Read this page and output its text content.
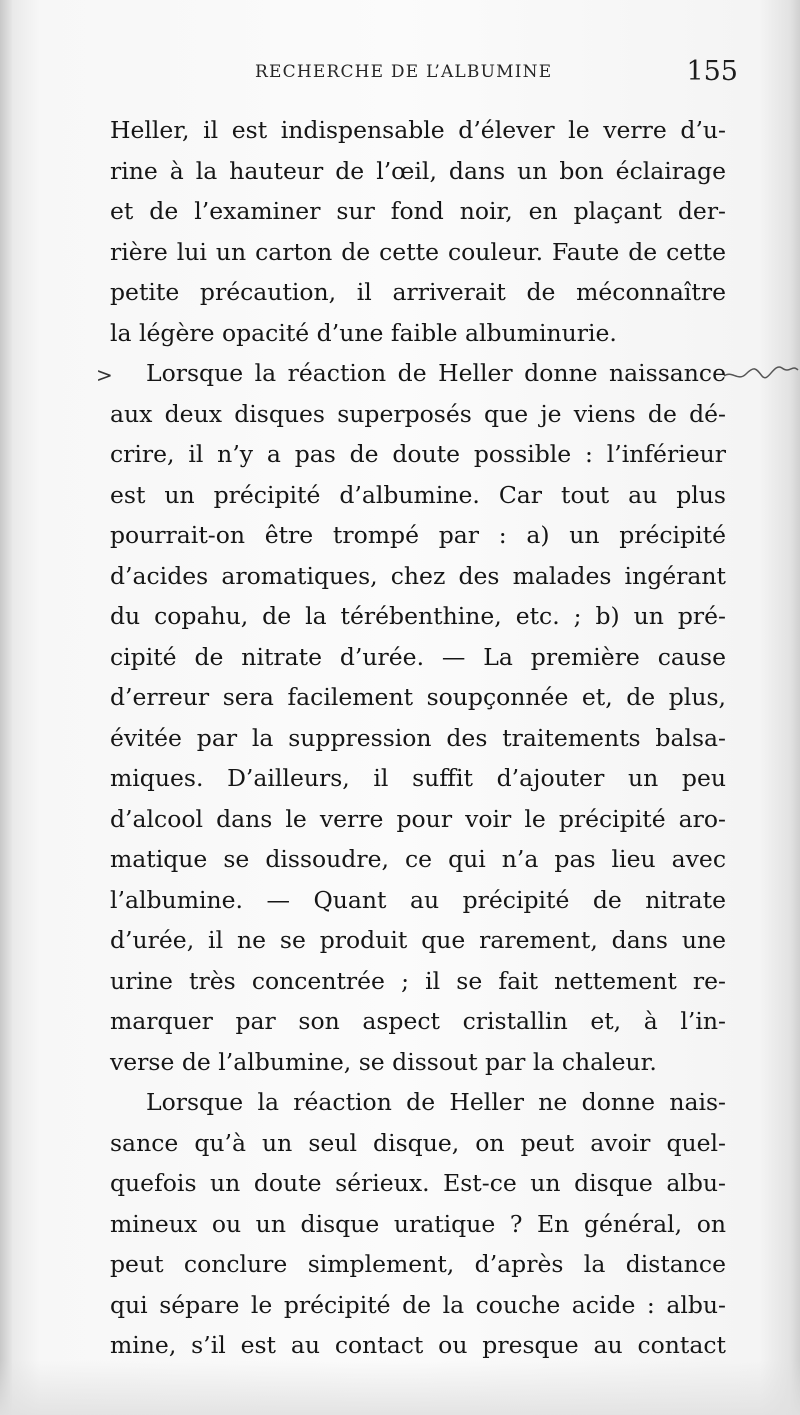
RECHERCHE DE L’ALBUMINE	155
>
Heller, il est indispensable d’élever le verre d’u-
rine à la hauteur de l’œil, dans un bon éclairage
et de l’examiner sur fond noir, en plaçant der-
rière lui un carton de cette couleur. Faute de cette
petite précaution, il arriverait de méconnaître
la légère opacité d’une faible albuminurie.
Lorsque la réaction de Heller donne naissance
aux deux disques superposés que je viens de dé-
crire, il n’y a pas de doute possible : l’inférieur
est un précipité d’albumine. Car tout au plus
pourrait-on être trompé par : a) un précipité
d’acides aromatiques, chez des malades ingérant
du copahu, de la térébenthine, etc. ; b) un pré-
cipité de nitrate d’urée. — La première cause
d’erreur sera facilement soupçonnée et, de plus,
évitée par la suppression des traitements balsa-
miques. D’ailleurs, il suffit d’ajouter un peu
d’alcool dans le verre pour voir le précipité aro-
matique se dissoudre, ce qui n’a pas lieu avec
l’albumine. — Quant au précipité de nitrate
d’urée, il ne se produit que rarement, dans une
urine très concentrée ; il se fait nettement re-
marquer par son aspect cristallin et, à l’in-
verse de l’albumine, se dissout par la chaleur.
Lorsque la réaction de Heller ne donne nais-
sance qu’à un seul disque, on peut avoir quel-
quefois un doute sérieux. Est-ce un disque albu-
mineux ou un disque uratique ? En général, on
peut conclure simplement, d’après la distance
qui sépare le précipité de la couche acide : albu-
mine, s’il est au contact ou presque au contact
